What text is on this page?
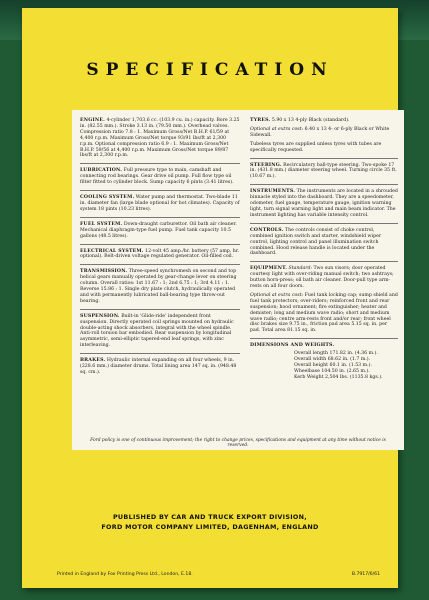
SPECIFICATION

ENGINE. 4-cylinder 1,703.6 cc. (103.9 cu. in.) capacity. Bore 3.25 in. (82.55 mm.). Stroke 3.13 in. (79.50 mm.). Overhead valves. Compression ratio 7.8 : 1. Maximum Gross/Net B.H.P. 61/59 at 4,400 r.p.m. Maximum Gross/Net torque 93/91 lbs/ft at 2,300 r.p.m. Optional compression ratio 6.9 : 1. Maximum Gross/Net B.H.P. 59/56 at 4,400 r.p.m. Maximum Gross/Net torque 89/87 lbs/ft at 2,300 r.p.m.

LUBRICATION. Full pressure type to main, camshaft and connecting rod bearings. Gear drive oil pump. Full flow type oil filter fitted to cylinder block. Sump capacity 6 pints (3.41 litres).

COOLING SYSTEM. Water pump and thermostat. Two-blade 11 in. diameter fan (large blade optional for hot climates). Capacity of system 18 pints (10.23 litres).

FUEL SYSTEM. Down-draught carburettor. Oil bath air cleaner. Mechanical diaphragm-type fuel pump. Fuel tank capacity 10.5 gallons (48.5 litres).

ELECTRICAL SYSTEM. 12-volt 45 amp./hr. battery (57 amp. hr. optional). Belt-driven voltage regulated generator. Oil-filled coil.

TRANSMISSION. Three-speed synchromesh on second and top helical gears manually operated by gear-change lever on steering column. Overall ratios: 1st 11.67 : 1; 2nd 6.75 : 1; 3rd 4.11 : 1. Reverse 15.86 : 1. Single dry plate clutch, hydraulically operated and with permanently lubricated ball-bearing type throw-out bearing.

SUSPENSION. Built-in 'Glide-ride' independent front suspension. Directly operated coil springs mounted on hydraulic double-acting shock absorbers, integral with the wheel spindle. Anti-roll torsion bar embodied. Rear suspension by longitudinal asymmetric, semi-elliptic tapered-end leaf springs, with zinc interleaving.

BRAKES. Hydraulic internal expanding on all four wheels, 9 in. (228.6 mm.) diameter drums. Total lining area 147 sq. in. (948.48 sq. cm.).

TYRES. 5.90 x 13 4-ply Black (standard).

Optional at extra cost: 6.40 x 13 4- or 6-ply Black or White Sidewall.

Tubeless tyres are supplied unless tyres with tubes are specifically requested.

STEERING. Recirculatory ball-type steering. Two-spoke 17 in. (431.8 mm.) diameter steering wheel. Turning circle 35 ft. (10.67 m.).

INSTRUMENTS. The instruments are located in a shrouded binnacle styled into the dashboard. They are a speedometer, odometer, fuel gauge, temperature gauge, ignition warning light, turn signal warning light and main beam indicator. The instrument lighting has variable intensity control.

CONTROLS. The controls consist of choke control, combined ignition switch and starter, windshield wiper control, lighting control and panel illumination switch combined. Hood release handle is located under the dashboard.

EQUIPMENT. Standard: Two sun visors; door operated courtesy light with over-riding manual switch; two ashtrays; button horn-press; oil bath air cleaner. Door-pull type arm-rests on all four doors.

Optional at extra cost: Fuel tank locking cap; sump shield and fuel tank protectors; over-riders; reinforced front and rear suspension; hood ornament; fire extinguisher; heater and demister; long and medium wave radio; short and medium wave radio; centre arm-rests front and/or rear; front wheel disc brakes size 9.75 in., friction pad area 5.15 sq. in. per pad. Total area 81.15 sq. in.

DIMENSIONS AND WEIGHTS.

Overall length 171.82 in. (4.36 m.).
Overall width 68.62 in. (1.7 m.).
Overall height 60.1 in. (1.53 m.).
Wheelbase 104.50 in. (2.65 m.).
Kerb Weight 2,504 lbs. (1135.8 kgs.).
Ford policy is one of continuous improvement; the right to change prices, specifications and equipment at any time without notice is reserved.
PUBLISHED BY CAR AND TRUCK EXPORT DIVISION,
FORD MOTOR COMPANY LIMITED, DAGENHAM, ENGLAND
Printed in England by Fox Printing Press Ltd., London, E.18.	B.7917/6/61
